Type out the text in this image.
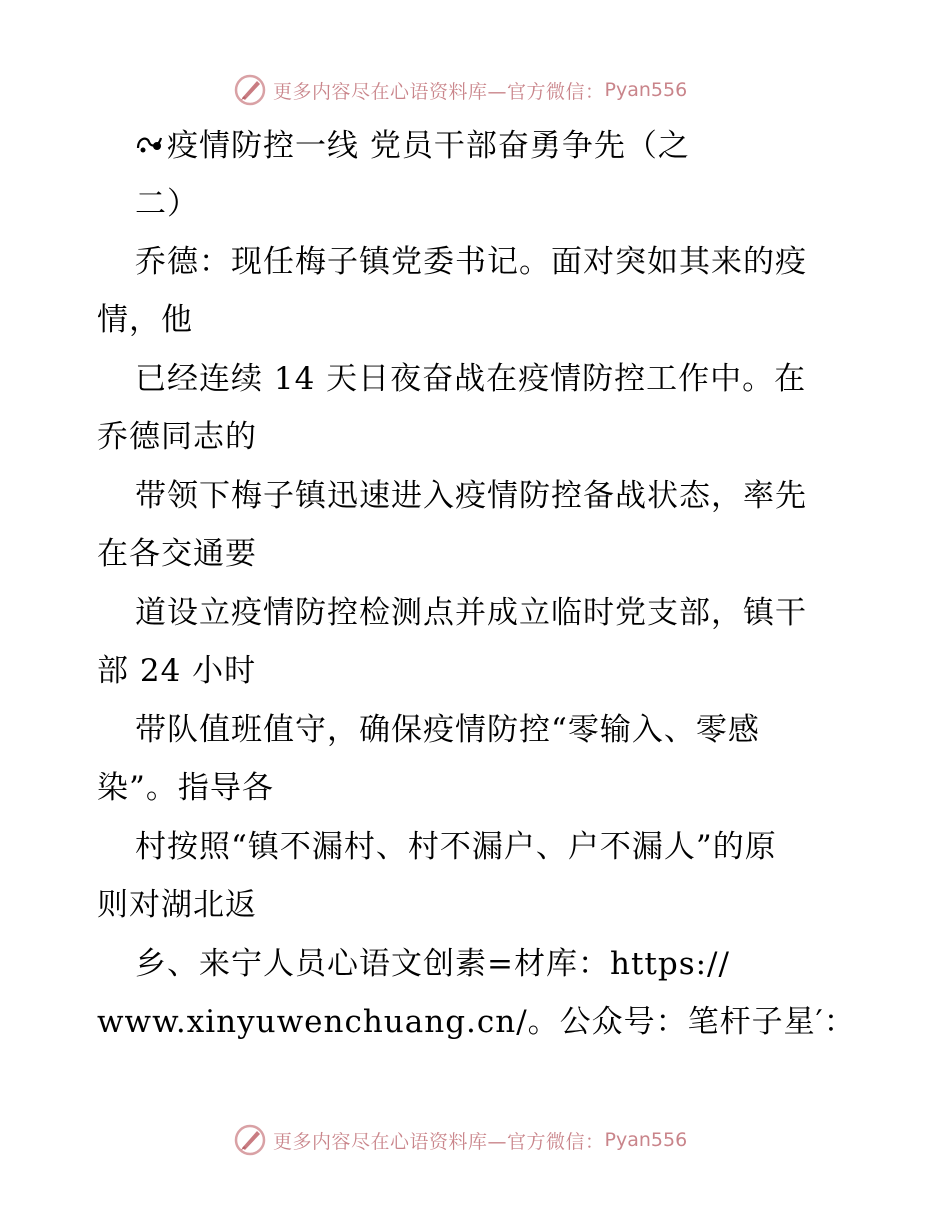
更多内容尽在心语资料库—官方微信： Pyan556
疫情防控一线 党员干部奋勇争先（之
二）
乔德：现任梅子镇党委书记。面对突如其来的疫
情，他
已经连续 14 天日夜奋战在疫情防控工作中。在
乔德同志的
带领下梅子镇迅速进入疫情防控备战状态，率先
在各交通要
道设立疫情防控检测点并成立临时党支部，镇干
部 24 小时
带队值班值守，确保疫情防控“零输入、零感
染”。指导各
村按照“镇不漏村、村不漏户、户不漏人”的原
则对湖北返
乡、来宁人员心语文创素=材库：https://
www.xinyuwenchuang.cn/。公众号：笔杆子星′：
更多内容尽在心语资料库—官方微信： Pyan556
